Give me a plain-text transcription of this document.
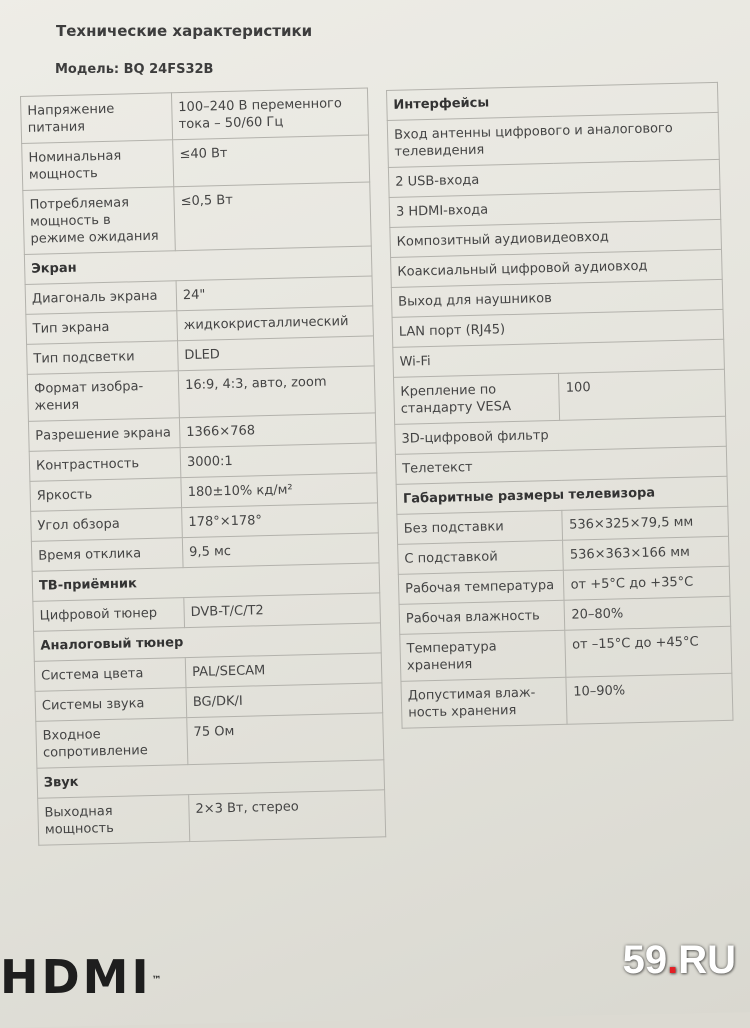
Технические характеристики
Модель: BQ 24FS32B
Напряжение питания	100–240 В переменного тока – 50/60 Гц
Номинальная мощность	≤40 Вт
Потребляемая мощность в режиме ожидания	≤0,5 Вт
Экран	
Диагональ экрана	24"
Тип экрана	жидкокристаллический
Тип подсветки	DLED
Формат изобра-жения	16:9, 4:3, авто, zoom
Разрешение экрана	1366×768
Контрастность	3000:1
Яркость	180±10% кд/м²
Угол обзора	178°×178°
Время отклика	9,5 мс
ТВ-приёмник	
Цифровой тюнер	DVB-T/C/T2
Аналоговый тюнер	
Система цвета	PAL/SECAM
Системы звука	BG/DK/I
Входное сопротивление	75 Ом
Звук	
Выходная мощность	2×3 Вт, стерео
Интерфейсы	
Вход антенны цифрового и аналогового телевидения	
2 USB-входа	
3 HDMI-входа	
Композитный аудиовидеовход	
Коаксиальный цифровой аудиовход	
Выход для наушников	
LAN порт (RJ45)	
Wi-Fi	
Крепление по стандарту VESA	100
3D-цифровой фильтр	
Телетекст	
Габаритные размеры телевизора	
Без подставки	536×325×79,5 мм
С подставкой	536×363×166 мм
Рабочая температура	от +5°С до +35°С
Рабочая влажность	20–80%
Температура хранения	от –15°С до +45°С
Допустимая влаж-ность хранения	10–90%
HDMI™	59.RU
